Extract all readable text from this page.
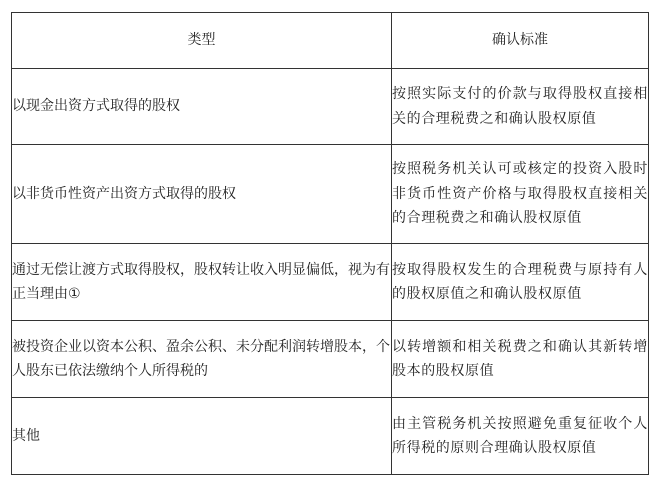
类型	确认标准
以现金出资方式取得的股权	按照实际支付的价款与取得股权直接相关的合理税费之和确认股权原值
以非货币性资产出资方式取得的股权	按照税务机关认可或核定的投资入股时非货币性资产价格与取得股权直接相关的合理税费之和确认股权原值
通过无偿让渡方式取得股权，股权转让收入明显偏低，视为有正当理由①	按取得股权发生的合理税费与原持有人的股权原值之和确认股权原值
被投资企业以资本公积、盈余公积、未分配利润转增股本，个人股东已依法缴纳个人所得税的	以转增额和相关税费之和确认其新转增股本的股权原值
其他	由主管税务机关按照避免重复征收个人所得税的原则合理确认股权原值
